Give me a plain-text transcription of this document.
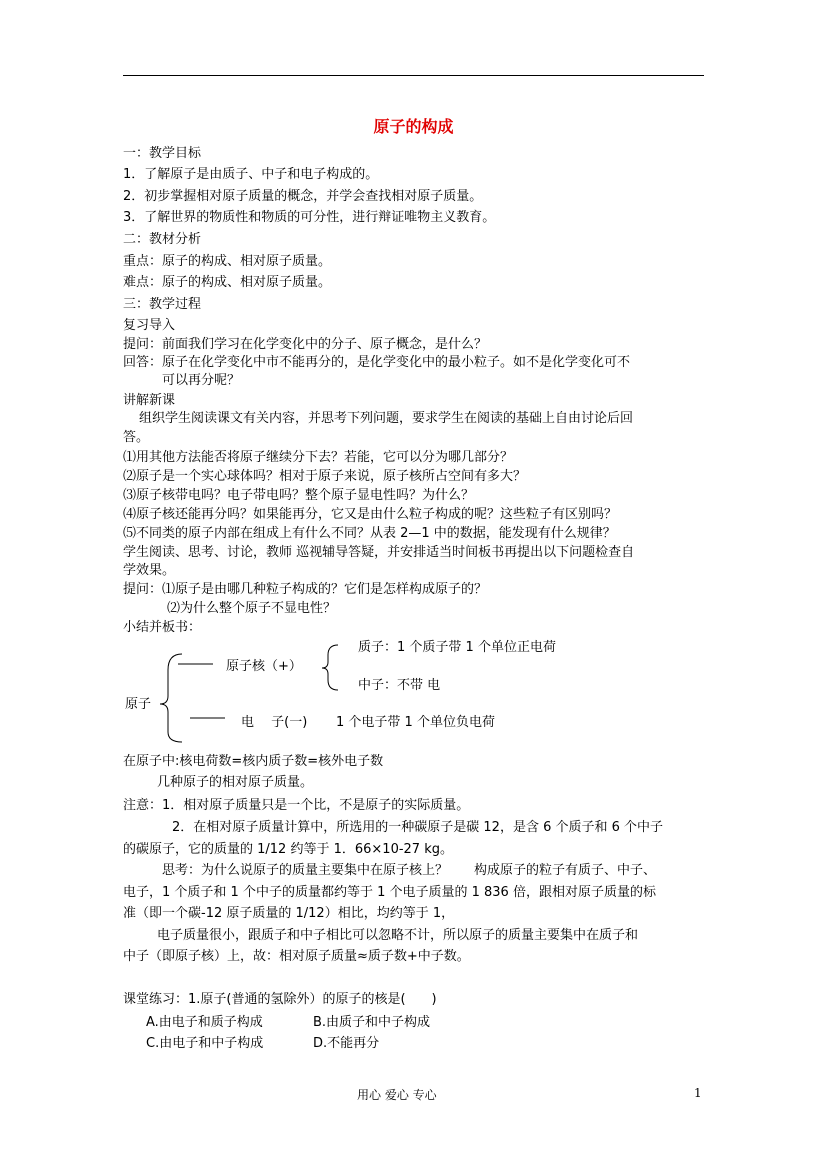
原子的构成
一：教学目标
1．了解原子是由质子、中子和电子构成的。
2．初步掌握相对原子质量的概念，并学会查找相对原子质量。
3．了解世界的物质性和物质的可分性，进行辩证唯物主义教育。
二：教材分析
重点：原子的构成、相对原子质量。
难点：原子的构成、相对原子质量。
三：教学过程
复习导入
提问：前面我们学习在化学变化中的分子、原子概念，是什么？
回答：原子在化学变化中市不能再分的，是化学变化中的最小粒子。如不是化学变化可不
可以再分呢？
讲解新课
组织学生阅读课文有关内容，并思考下列问题，要求学生在阅读的基础上自由讨论后回
答。
⑴用其他方法能否将原子继续分下去？若能，它可以分为哪几部分？
⑵原子是一个实心球体吗？相对于原子来说，原子核所占空间有多大？
⑶原子核带电吗？电子带电吗？整个原子显电性吗？为什么？
⑷原子核还能再分吗？如果能再分，它又是由什么粒子构成的呢？这些粒子有区别吗？
⑸不同类的原子内部在组成上有什么不同？从表 2—1 中的数据，能发现有什么规律？
学生阅读、思考、讨论，教师 巡视辅导答疑，并安排适当时间板书再提出以下问题检查自
学效果。
提问：⑴原子是由哪几种粒子构成的？它们是怎样构成原子的？
⑵为什么整个原子不显电性？
小结并板书：
原子
原子核（+）
质子：1 个质子带 1 个单位正电荷
中子：不带 电
电　 子(一) 1 个电子带 1 个单位负电荷
在原子中:核电荷数=核内质子数=核外电子数
几种原子的相对原子质量。
注意：1．相对原子质量只是一个比，不是原子的实际质量。
2．在相对原子质量计算中，所选用的一种碳原子是碳 12，是含 6 个质子和 6 个中子
的碳原子，它的质量的 1/12 约等于 1．66×10-27 kg。
思考：为什么说原子的质量主要集中在原子核上？　　构成原子的粒子有质子、中子、
电子，1 个质子和 1 个中子的质量都约等于 1 个电子质量的 1 836 倍，跟相对原子质量的标
准（即一个碳-12 原子质量的 1/12）相比，均约等于 1，
电子质量很小，跟质子和中子相比可以忽略不计，所以原子的质量主要集中在质子和
中子（即原子核）上，故：相对原子质量≈质子数+中子数。
课堂练习：1.原子(普通的氢除外）的原子的核是(　　)
A.由电子和质子构成	B.由质子和中子构成
C.由电子和中子构成	D.不能再分
用心 爱心 专心	1
